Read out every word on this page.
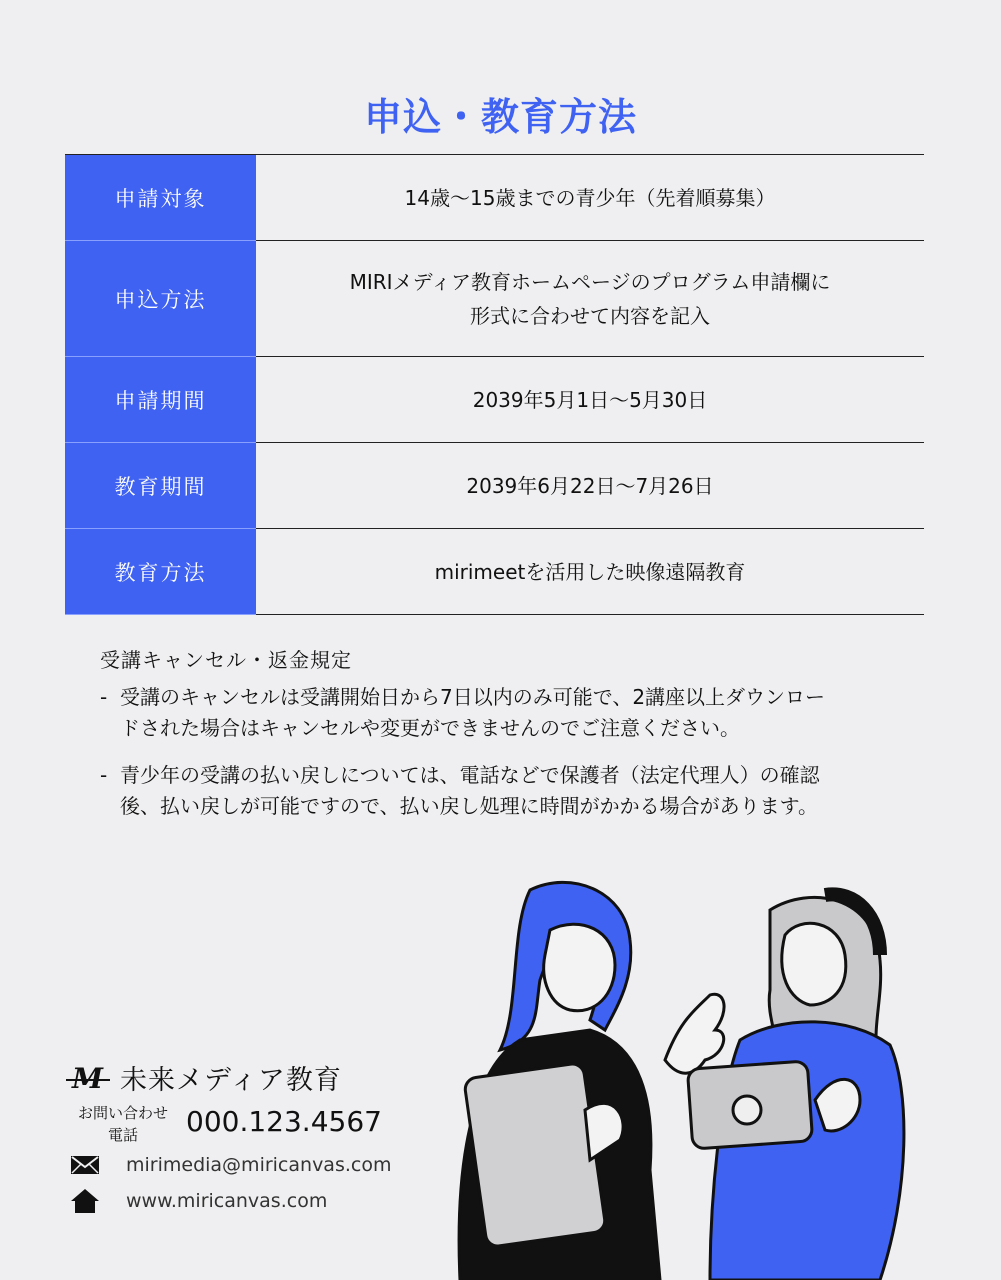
申込・教育方法
申請対象	14歳〜15歳までの青少年（先着順募集）

申込方法	MIRIメディア教育ホームページのプログラム申請欄に
形式に合わせて内容を記入

申請期間	2039年5月1日〜5月30日

教育期間	2039年6月22日〜7月26日

教育方法	mirimeetを活用した映像遠隔教育
受講キャンセル・返金規定
- 受講のキャンセルは受講開始日から7日以内のみ可能で、2講座以上ダウンロー
ドされた場合はキャンセルや変更ができませんのでご注意ください。
- 青少年の受講の払い戻しについては、電話などで保護者（法定代理人）の確認
後、払い戻しが可能ですので、払い戻し処理に時間がかかる場合があります。
M 未来メディア教育
お問い合わせ
電話	000.123.4567
mirimedia@miricanvas.com
www.miricanvas.com
